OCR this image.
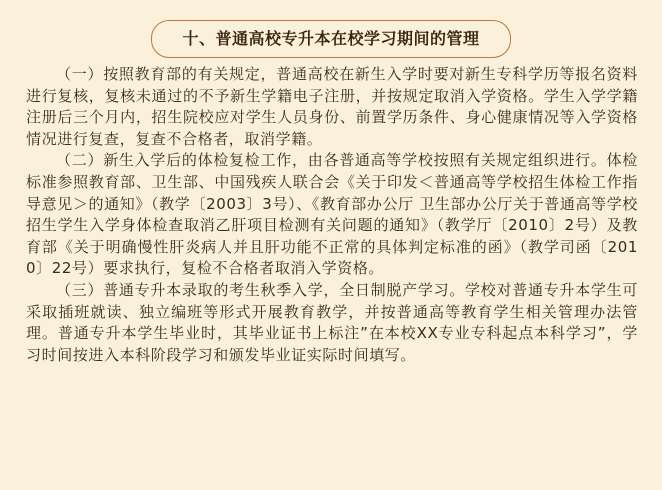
十、普通高校专升本在校学习期间的管理

（一）按照教育部的有关规定，普通高校在新生入学时要对新生专科学历等报名资料进行复核，复核未通过的不予新生学籍电子注册，并按规定取消入学资格。学生入学学籍注册后三个月内，招生院校应对学生人员身份、前置学历条件、身心健康情况等入学资格情况进行复查，复查不合格者，取消学籍。

（二）新生入学后的体检复检工作，由各普通高等学校按照有关规定组织进行。体检标准参照教育部、卫生部、中国残疾人联合会《关于印发＜普通高等学校招生体检工作指导意见＞的通知》（教学〔2003〕3号）、《教育部办公厅 卫生部办公厅关于普通高等学校招生学生入学身体检查取消乙肝项目检测有关问题的通知》（教学厅〔2010〕2号）及教育部《关于明确慢性肝炎病人并且肝功能不正常的具体判定标准的函》（教学司函〔2010〕22号）要求执行，复检不合格者取消入学资格。

（三）普通专升本录取的考生秋季入学，全日制脱产学习。学校对普通专升本学生可采取插班就读、独立编班等形式开展教育教学，并按普通高等教育学生相关管理办法管理。普通专升本学生毕业时，其毕业证书上标注”在本校XX专业专科起点本科学习”，学习时间按进入本科阶段学习和颁发毕业证实际时间填写。
